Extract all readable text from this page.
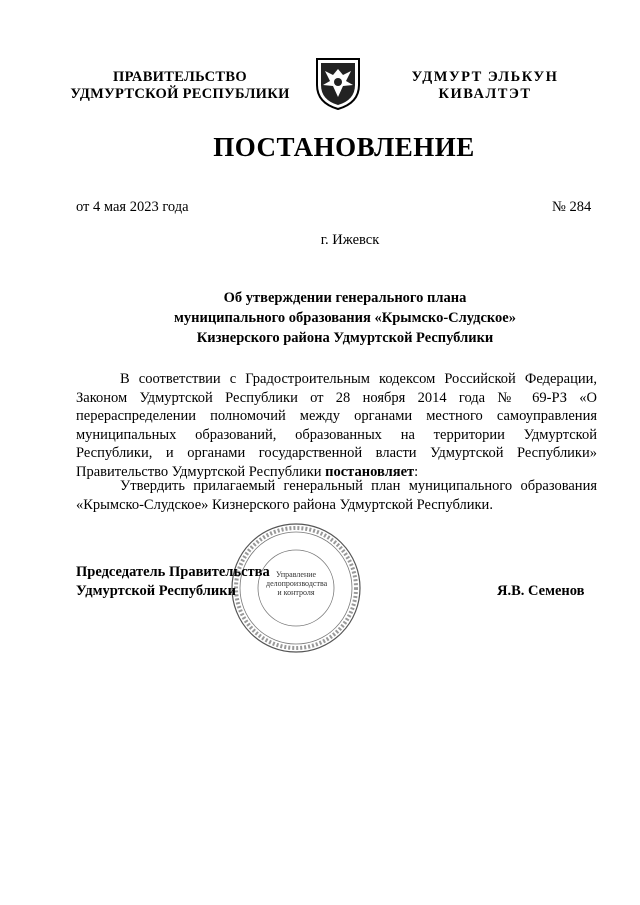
ПРАВИТЕЛЬСТВО
УДМУРТСКОЙ РЕСПУБЛИКИ
УДМУРТ ЭЛЬКУН
КИВАЛТЭТ
ПОСТАНОВЛЕНИЕ
от 4 мая 2023 года	№ 284
г. Ижевск
Об утверждении генерального плана
муниципального образования «Крымско-Слудское»
Кизнерского района Удмуртской Республики
В соответствии с Градостроительным кодексом Российской Федерации, Законом Удмуртской Республики от 28 ноября 2014 года № 69-РЗ «О перераспределении полномочий между органами местного самоуправления муниципальных образований, образованных на территории Удмуртской Республики, и органами государственной власти Удмуртской Республики» Правительство Удмуртской Республики постановляет:
Утвердить прилагаемый генеральный план муниципального образования «Крымско-Слудское» Кизнерского района Удмуртской Республики.
Управление
делопроизводства
и контроля
Председатель Правительства
Удмуртской Республики	Я.В. Семенов
